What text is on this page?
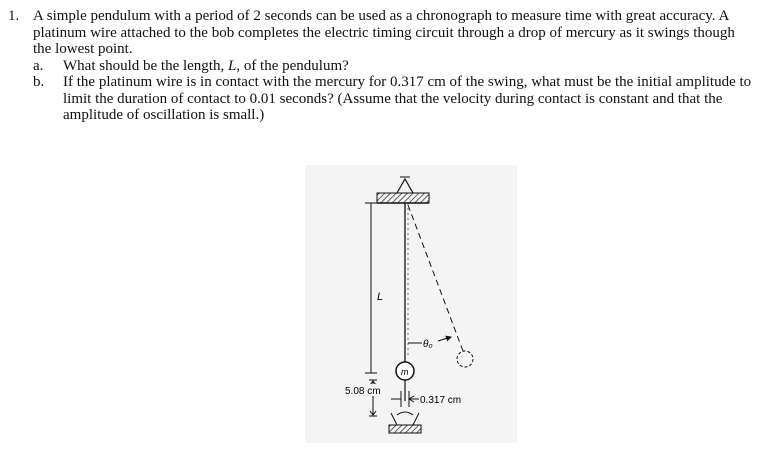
1. A simple pendulum with a period of 2 seconds can be used as a chronograph to measure time with great accuracy. A platinum wire attached to the bob completes the electric timing circuit through a drop of mercury as it swings though the lowest point.
a.	What should be the length, L, of the pendulum?
b.	If the platinum wire is in contact with the mercury for 0.317 cm of the swing, what must be the initial amplitude to limit the duration of contact to 0.01 seconds? (Assume that the velocity during contact is constant and that the amplitude of oscillation is small.)
L
θ₀
m
5.08 cm
0.317 cm
